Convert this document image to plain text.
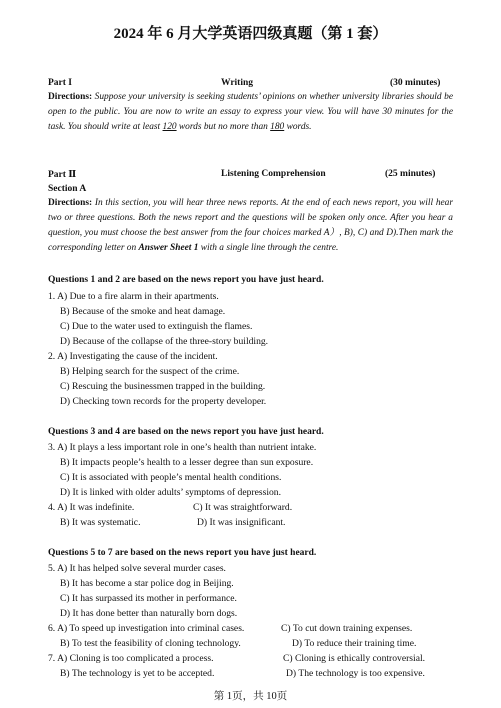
2024 年 6 月大学英语四级真题（第 1 套）
Part I	Writing	(30 minutes)
Directions: Suppose your university is seeking students’ opinions on whether university libraries should be open to the public. You are now to write an essay to express your view. You will have 30 minutes for the task. You should write at least 120 words but no more than 180 words.
Part Ⅱ	Listening Comprehension	(25 minutes)
Section A
Directions: In this section, you will hear three news reports. At the end of each news report, you will hear two or three questions. Both the news report and the questions will be spoken only once. After you hear a question, you must choose the best answer from the four choices marked A）, B), C) and D).Then mark the corresponding letter on Answer Sheet 1 with a single line through the centre.
Questions 1 and 2 are based on the news report you have just heard.
1. A) Due to a fire alarm in their apartments.
B) Because of the smoke and heat damage.
C) Due to the water used to extinguish the flames.
D) Because of the collapse of the three-story building.
2. A) Investigating the cause of the incident.
B) Helping search for the suspect of the crime.
C) Rescuing the businessmen trapped in the building.
D) Checking town records for the property developer.
Questions 3 and 4 are based on the news report you have just heard.
3. A) It plays a less important role in one’s health than nutrient intake.
B) It impacts people’s health to a lesser degree than sun exposure.
C) It is associated with people’s mental health conditions.
D) It is linked with older adults’ symptoms of depression.
4. A) It was indefinite.	C) It was straightforward.
B) It was systematic.	D) It was insignificant.
Questions 5 to 7 are based on the news report you have just heard.
5. A) It has helped solve several murder cases.
B) It has become a star police dog in Beijing.
C) It has surpassed its mother in performance.
D) It has done better than naturally born dogs.
6. A) To speed up investigation into criminal cases.	C) To cut down training expenses.
B) To test the feasibility of cloning technology.	D) To reduce their training time.
7. A) Cloning is too complicated a process.	C) Cloning is ethically controversial.
B) The technology is yet to be accepted.	D) The technology is too expensive.
第 1页，共 10页
